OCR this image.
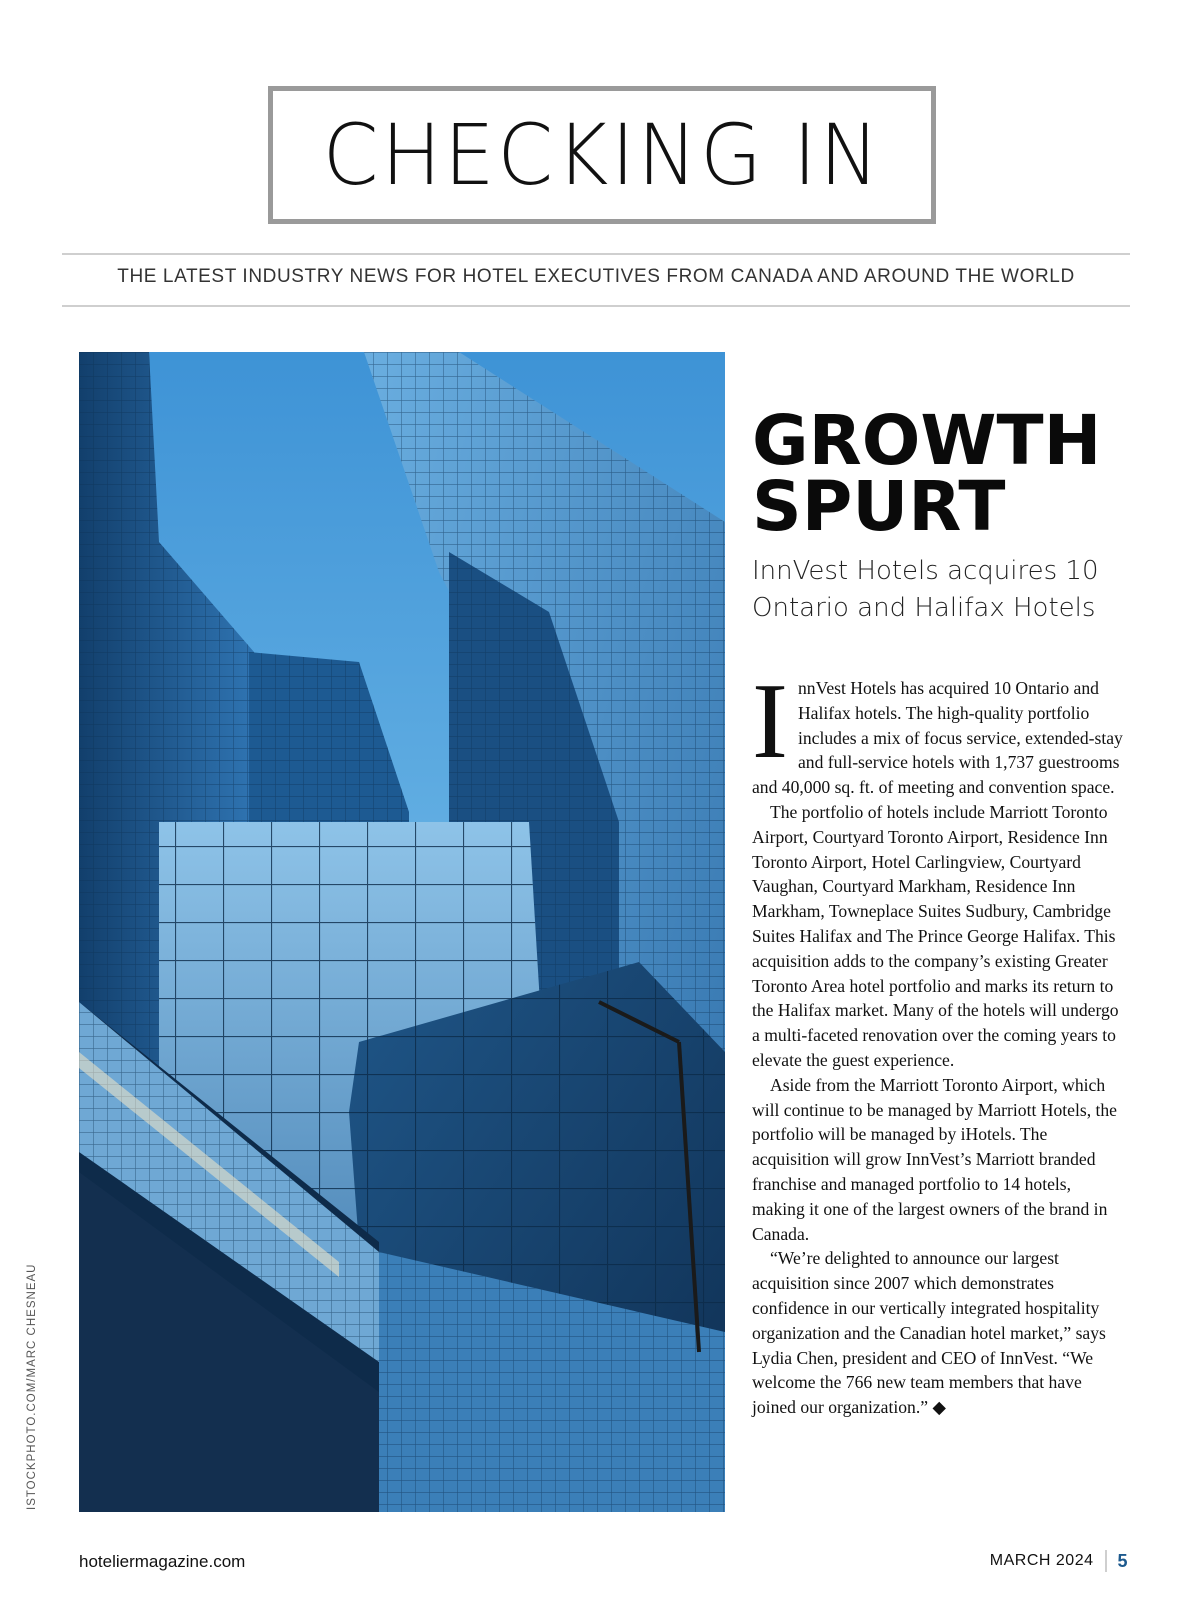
CHECKING IN
THE LATEST INDUSTRY NEWS FOR HOTEL EXECUTIVES FROM CANADA AND AROUND THE WORLD
ISTOCKPHOTO.COM/MARC CHESNEAU
GROWTH
SPURT
InnVest Hotels acquires 10
Ontario and Halifax Hotels

InnVest Hotels has acquired 10 Ontario and Halifax hotels. The high-quality portfolio includes a mix of focus service, extended-stay and full-service hotels with 1,737 guestrooms and 40,000 sq. ft. of meeting and convention space.

The portfolio of hotels include Marriott Toronto Airport, Courtyard Toronto Airport, Residence Inn Toronto Airport, Hotel Carlingview, Courtyard Vaughan, Courtyard Markham, Residence Inn Markham, Towneplace Suites Sudbury, Cambridge Suites Halifax and The Prince George Halifax. This acquisition adds to the company’s existing Greater Toronto Area hotel portfolio and marks its return to the Halifax market. Many of the hotels will undergo a multi-faceted renovation over the coming years to elevate the guest experience.

Aside from the Marriott Toronto Airport, which will continue to be managed by Marriott Hotels, the portfolio will be managed by iHotels. The acquisition will grow InnVest’s Marriott branded franchise and managed portfolio to 14 hotels, making it one of the largest owners of the brand in Canada.

“We’re delighted to announce our largest acquisition since 2007 which demonstrates confidence in our vertically integrated hospitality organization and the Canadian hotel market,” says Lydia Chen, president and CEO of InnVest. “We welcome the 766 new team members that have joined our organization.” ◆

hoteliermagazine.com	MARCH 2024 5
